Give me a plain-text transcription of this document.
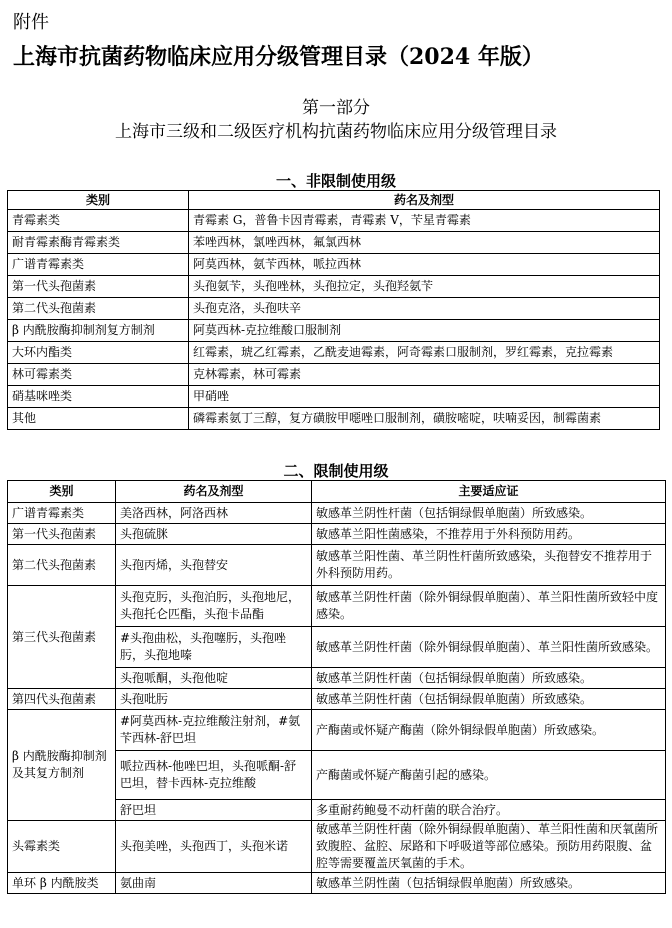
附件
上海市抗菌药物临床应用分级管理目录（2024 年版）
第一部分
上海市三级和二级医疗机构抗菌药物临床应用分级管理目录
一、非限制使用级
类别	药名及剂型
青霉素类	青霉素 G，普鲁卡因青霉素，青霉素 V，苄星青霉素
耐青霉素酶青霉素类	苯唑西林，氯唑西林，氟氯西林
广谱青霉素类	阿莫西林，氨苄西林，哌拉西林
第一代头孢菌素	头孢氨苄，头孢唑林，头孢拉定，头孢羟氨苄
第二代头孢菌素	头孢克洛，头孢呋辛
β 内酰胺酶抑制剂复方制剂	阿莫西林-克拉维酸口服制剂
大环内酯类	红霉素，琥乙红霉素，乙酰麦迪霉素，阿奇霉素口服制剂，罗红霉素，克拉霉素
林可霉素类	克林霉素，林可霉素
硝基咪唑类	甲硝唑
其他	磷霉素氨丁三醇，复方磺胺甲噁唑口服制剂，磺胺嘧啶，呋喃妥因，制霉菌素
二、限制使用级
类别	药名及剂型	主要适应证
广谱青霉素类	美洛西林，阿洛西林	敏感革兰阴性杆菌（包括铜绿假单胞菌）所致感染。
第一代头孢菌素	头孢硫脒	敏感革兰阳性菌感染，不推荐用于外科预防用药。
第二代头孢菌素	头孢丙烯，头孢替安	敏感革兰阳性菌、革兰阴性杆菌所致感染，头孢替安不推荐用于外科预防用药。
第三代头孢菌素	头孢克肟，头孢泊肟，头孢地尼，头孢托仑匹酯，头孢卡品酯	敏感革兰阴性杆菌（除外铜绿假单胞菌）、革兰阳性菌所致轻中度感染。
	#头孢曲松，头孢噻肟，头孢唑肟，头孢地嗪	敏感革兰阴性杆菌（除外铜绿假单胞菌）、革兰阳性菌所致感染。
	头孢哌酮，头孢他啶	敏感革兰阴性杆菌（包括铜绿假单胞菌）所致感染。
第四代头孢菌素	头孢吡肟	敏感革兰阴性杆菌（包括铜绿假单胞菌）所致感染。
β 内酰胺酶抑制剂及其复方制剂	#阿莫西林-克拉维酸注射剂，#氨苄西林-舒巴坦	产酶菌或怀疑产酶菌（除外铜绿假单胞菌）所致感染。
	哌拉西林-他唑巴坦，头孢哌酮-舒巴坦，替卡西林-克拉维酸	产酶菌或怀疑产酶菌引起的感染。
	舒巴坦	多重耐药鲍曼不动杆菌的联合治疗。
头霉素类	头孢美唑，头孢西丁，头孢米诺	敏感革兰阴性杆菌（除外铜绿假单胞菌）、革兰阳性菌和厌氧菌所致腹腔、盆腔、尿路和下呼吸道等部位感染。预防用药限腹、盆腔等需要覆盖厌氧菌的手术。
单环 β 内酰胺类	氨曲南	敏感革兰阴性菌（包括铜绿假单胞菌）所致感染。
